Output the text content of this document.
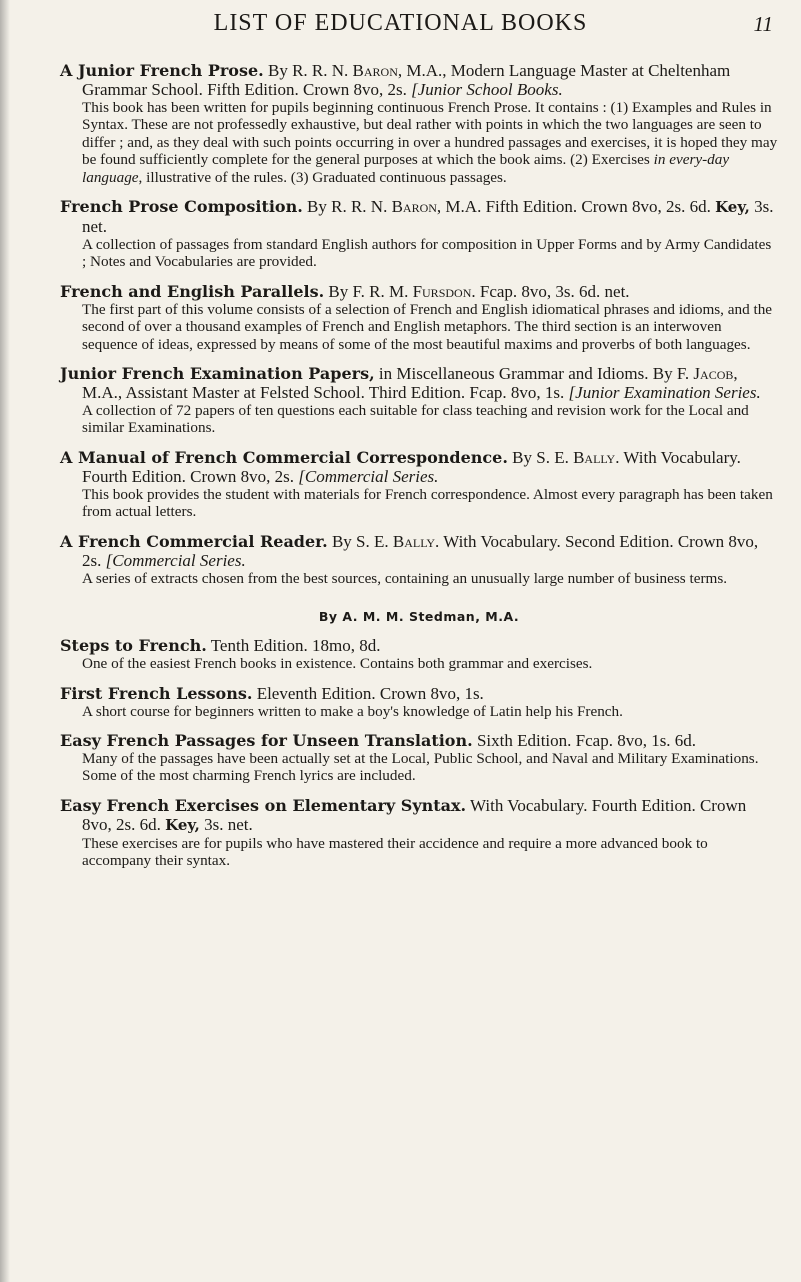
LIST OF EDUCATIONAL BOOKS	11

A Junior French Prose. By R. R. N. Baron, M.A., Modern Language Master at Cheltenham Grammar School. Fifth Edition. Crown 8vo, 2s. [Junior School Books.

This book has been written for pupils beginning continuous French Prose. It contains : (1) Examples and Rules in Syntax. These are not professedly exhaustive, but deal rather with points in which the two languages are seen to differ ; and, as they deal with such points occurring in over a hundred passages and exercises, it is hoped they may be found sufficiently complete for the general purposes at which the book aims. (2) Exercises in every-day language, illustrative of the rules. (3) Graduated continuous passages.

French Prose Composition. By R. R. N. Baron, M.A. Fifth Edition. Crown 8vo, 2s. 6d. Key, 3s. net.

A collection of passages from standard English authors for composition in Upper Forms and by Army Candidates ; Notes and Vocabularies are provided.

French and English Parallels. By F. R. M. Fursdon. Fcap. 8vo, 3s. 6d. net.

The first part of this volume consists of a selection of French and English idiomatical phrases and idioms, and the second of over a thousand examples of French and English metaphors. The third section is an interwoven sequence of ideas, expressed by means of some of the most beautiful maxims and proverbs of both languages.

Junior French Examination Papers, in Miscellaneous Grammar and Idioms. By F. Jacob, M.A., Assistant Master at Felsted School. Third Edition. Fcap. 8vo, 1s. [Junior Examination Series.

A collection of 72 papers of ten questions each suitable for class teaching and revision work for the Local and similar Examinations.

A Manual of French Commercial Correspondence. By S. E. Bally. With Vocabulary. Fourth Edition. Crown 8vo, 2s. [Commercial Series.

This book provides the student with materials for French correspondence. Almost every paragraph has been taken from actual letters.

A French Commercial Reader. By S. E. Bally. With Vocabulary. Second Edition. Crown 8vo, 2s. [Commercial Series.

A series of extracts chosen from the best sources, containing an unusually large number of business terms.

By A. M. M. Stedman, M.A.

Steps to French. Tenth Edition. 18mo, 8d.

One of the easiest French books in existence. Contains both grammar and exercises.

First French Lessons. Eleventh Edition. Crown 8vo, 1s.

A short course for beginners written to make a boy's knowledge of Latin help his French.

Easy French Passages for Unseen Translation. Sixth Edition. Fcap. 8vo, 1s. 6d.

Many of the passages have been actually set at the Local, Public School, and Naval and Military Examinations. Some of the most charming French lyrics are included.

Easy French Exercises on Elementary Syntax. With Vocabulary. Fourth Edition. Crown 8vo, 2s. 6d. Key, 3s. net.

These exercises are for pupils who have mastered their accidence and require a more advanced book to accompany their syntax.
